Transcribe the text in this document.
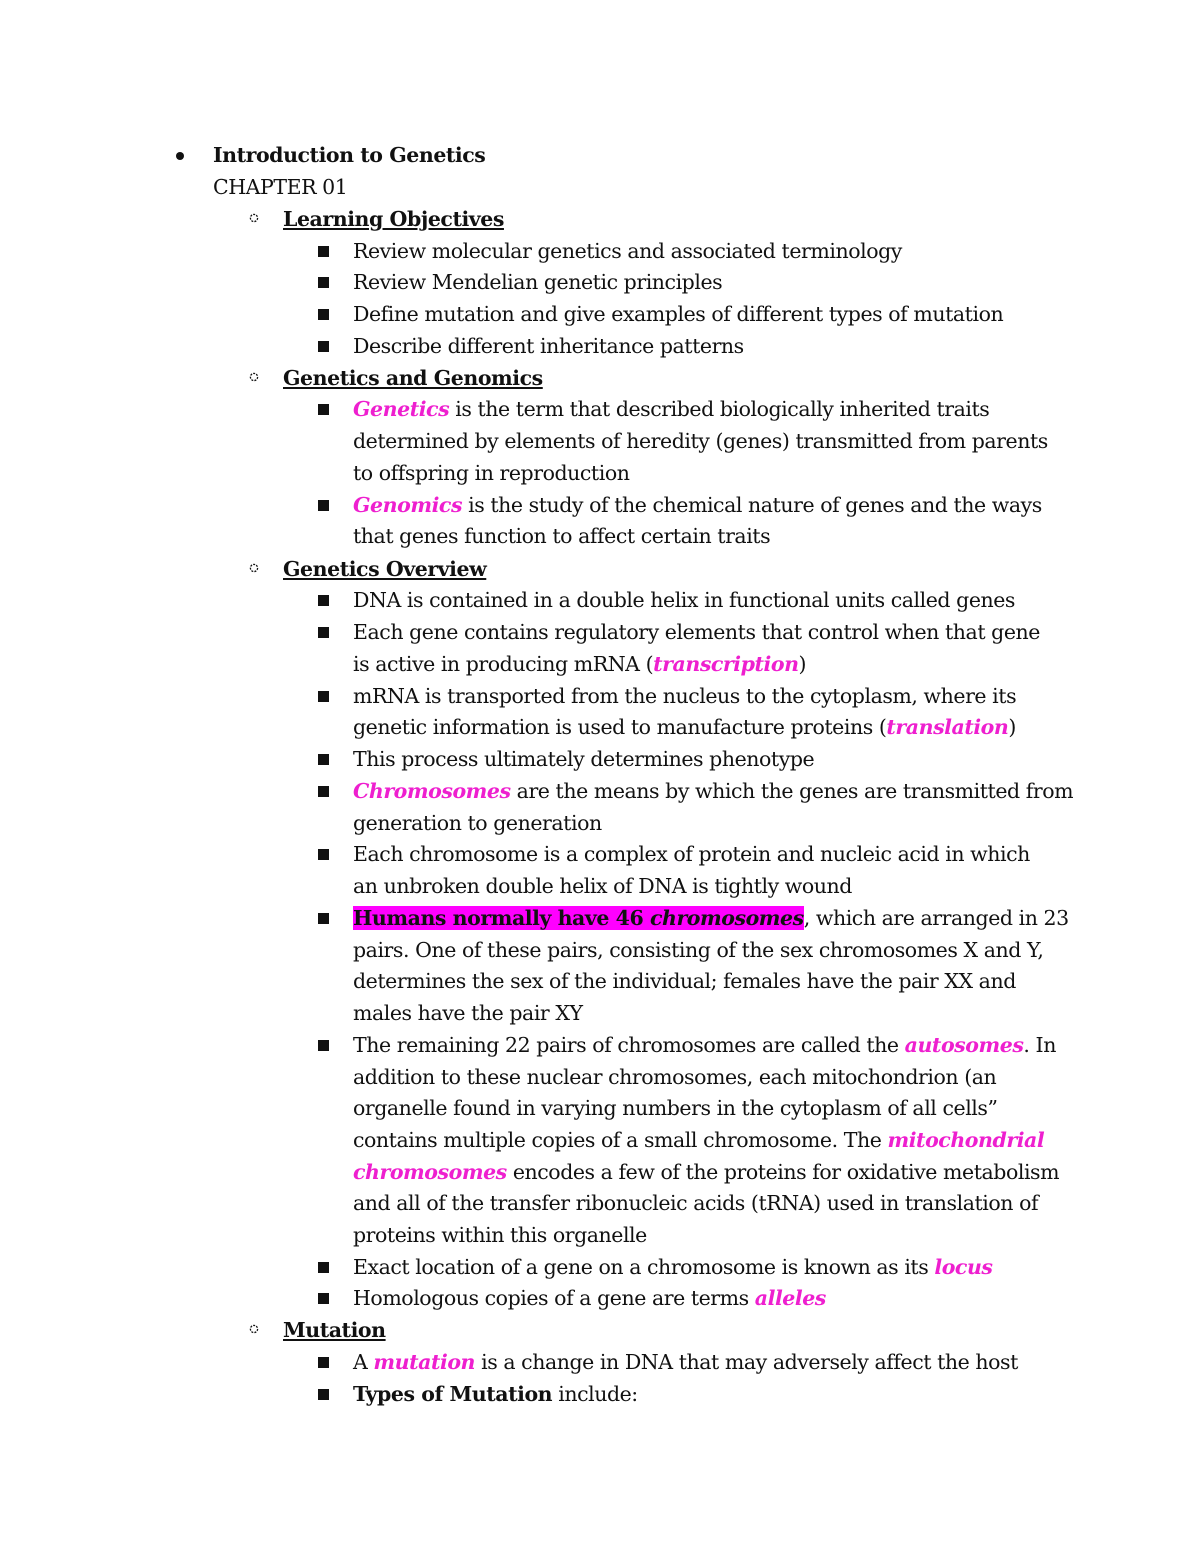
Introduction to Genetics
CHAPTER 01
Learning Objectives
Review molecular genetics and associated terminology
Review Mendelian genetic principles
Define mutation and give examples of different types of mutation
Describe different inheritance patterns
Genetics and Genomics
Genetics is the term that described biologically inherited traits
determined by elements of heredity (genes) transmitted from parents
to offspring in reproduction
Genomics is the study of the chemical nature of genes and the ways
that genes function to affect certain traits
Genetics Overview
DNA is contained in a double helix in functional units called genes
Each gene contains regulatory elements that control when that gene
is active in producing mRNA (transcription)
mRNA is transported from the nucleus to the cytoplasm, where its
genetic information is used to manufacture proteins (translation)
This process ultimately determines phenotype
Chromosomes are the means by which the genes are transmitted from
generation to generation
Each chromosome is a complex of protein and nucleic acid in which
an unbroken double helix of DNA is tightly wound
Humans normally have 46 chromosomes, which are arranged in 23
pairs. One of these pairs, consisting of the sex chromosomes X and Y,
determines the sex of the individual; females have the pair XX and
males have the pair XY
The remaining 22 pairs of chromosomes are called the autosomes. In
addition to these nuclear chromosomes, each mitochondrion (an
organelle found in varying numbers in the cytoplasm of all cells”
contains multiple copies of a small chromosome. The mitochondrial
chromosomes encodes a few of the proteins for oxidative metabolism
and all of the transfer ribonucleic acids (tRNA) used in translation of
proteins within this organelle
Exact location of a gene on a chromosome is known as its locus
Homologous copies of a gene are terms alleles
Mutation
A mutation is a change in DNA that may adversely affect the host
Types of Mutation include:
